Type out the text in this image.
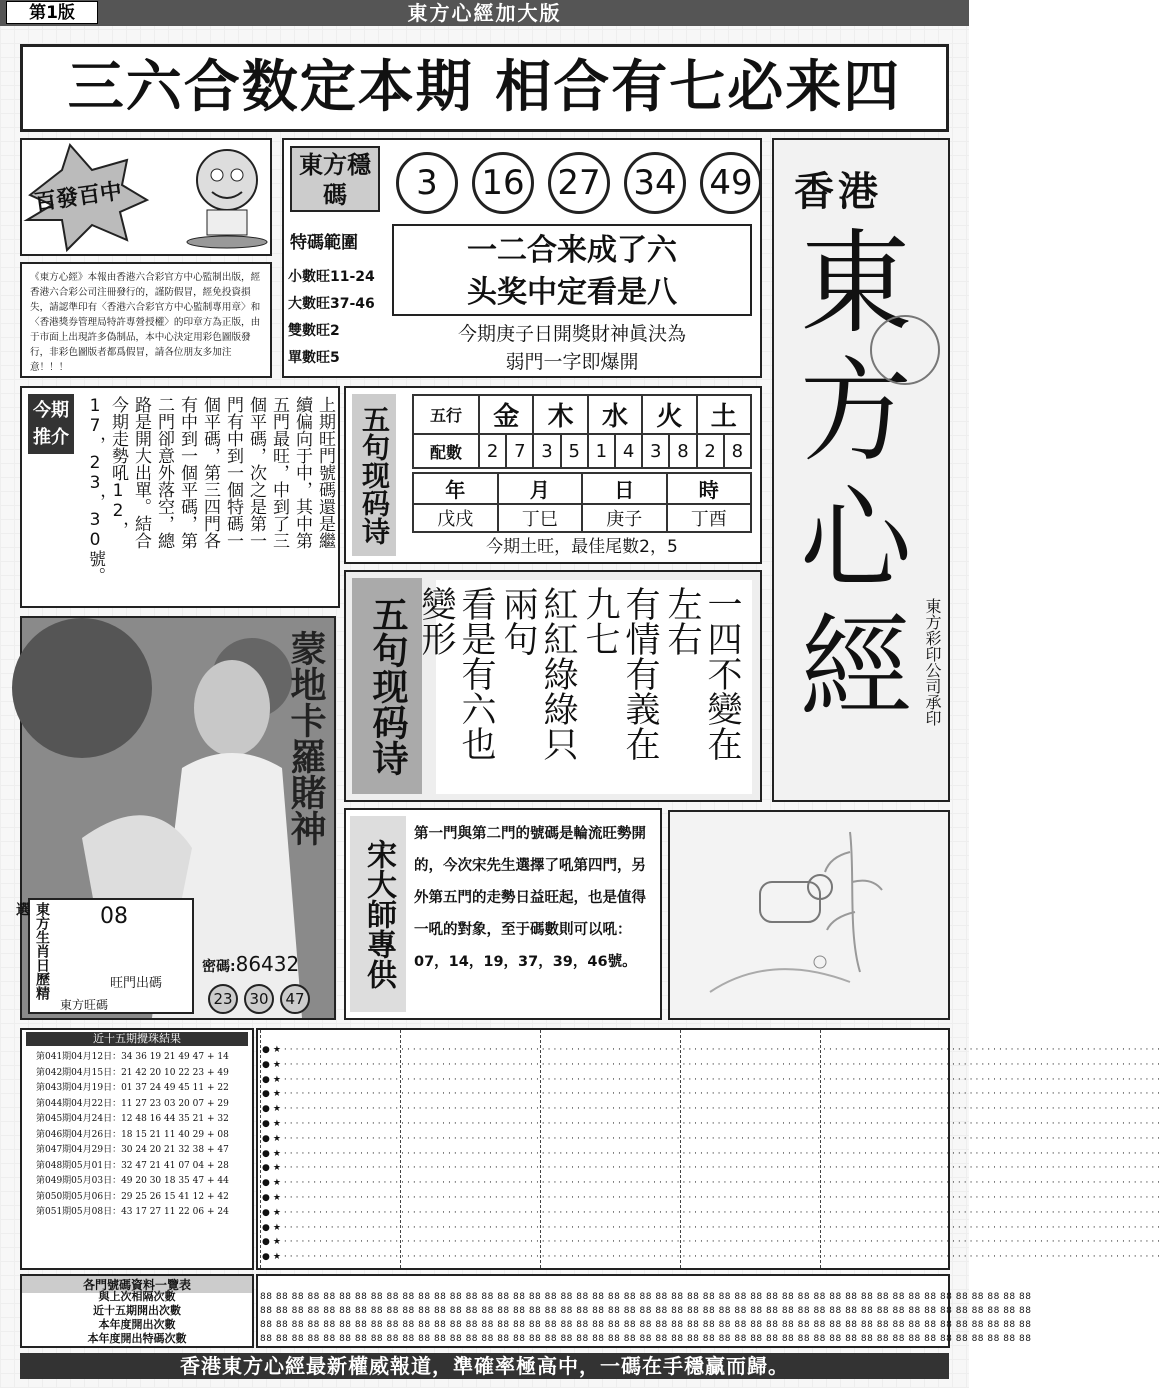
東方心經加大版
第1版
三六合数定本期 相合有七必来四
百發百中
《東方心經》本報由香港六合彩官方中心監制出版，經香港六合彩公司注冊發行的，謹防假冒，經免投資損失，請認準印有〈香港六合彩官方中心監制專用章〉和〈香港獎券管理局特許專營授權〉的印章方為正版，由于市面上出現許多偽制品，本中心決定用彩色圖版發行，非彩色圖版者都爲假冒，請各位朋友多加注意！！！
東方穩碼	3	16 27 34 49
特碼範圍
小數旺11-24
大數旺37-46
雙數旺2
單數旺5
一二合来成了六
头奖中定看是八
今期庚子日開獎財神眞決為
弱門一字即爆開
香港
東
方
心
經 東方彩印公司承印
今期推介	上期旺門號碼還是繼
續偏向于中，其中第
五門最旺，中到了三
個平碼，次之是第一
門有中到一個特碼一
個平碼，第三四門各
有中到一個平碼，第
二門卻意外落空，總
路是開大出單。結合
今期走勢吼12，
17，23，30號。	五句现码诗	五行	金		木		水		火		土	
配數	2	7	3	5	1	4	3	8	2	8
年	月	日	時
戊戌	丁巳	庚子	丁酉
今期土旺，最佳尾數2，5
五句现码诗	一四不變在左右
有情有義在九七
紅紅綠綠只兩句
看是有六也變形
蒙地卡羅賭神
東方生肖日歷精選	08
旺門出碼
東方旺碼
密碼:86432
23	30	47
宋大師專供
第一門與第二門的號碼是輪流旺勢開的，今次宋先生選擇了吼第四門，另外第五門的走勢日益旺起，也是值得一吼的對象，至于碼數則可以吼：07，14，19，37，39，46號。
近十五期攪珠結果
第041期04月12日：34 36 19 21 49 47 + 14
第042期04月15日：21 42 20 10 22 23 + 49
第043期04月19日：01 37 24 49 45 11 + 22
第044期04月22日：11 27 23 03 20 07 + 29
第045期04月24日：12 48 16 44 35 21 + 32
第046期04月26日：18 15 21 11 40 29 + 08
第047期04月29日：30 24 20 21 32 38 + 47
第048期05月01日：32 47 21 41 07 04 + 28
第049期05月03日：49 20 30 18 35 47 + 44
第050期05月06日：29 25 26 15 41 12 + 42
第051期05月08日：43 17 27 11 22 06 + 24
●★······················································································································································
●★······················································································································································
●★······················································································································································
●★······················································································································································
●★······················································································································································
●★······················································································································································
●★······················································································································································
●★······················································································································································
●★······················································································································································
●★······················································································································································
●★······················································································································································
●★······················································································································································
●★······················································································································································
●★······················································································································································
●★······················································································································································
各門號碼資料一覽表
與上次相隔次數
近十五期開出次數
本年度開出次數
本年度開出特碼次數
88 88 88 88 88 88 88 88 88 88 88 88 88 88 88 88 88 88 88 88 88 88 88 88 88 88 88 88 88 88 88 88 88 88 88 88 88 88 88 88 88 88 88 88 88 88 88 88 88
88 88 88 88 88 88 88 88 88 88 88 88 88 88 88 88 88 88 88 88 88 88 88 88 88 88 88 88 88 88 88 88 88 88 88 88 88 88 88 88 88 88 88 88 88 88 88 88 88
88 88 88 88 88 88 88 88 88 88 88 88 88 88 88 88 88 88 88 88 88 88 88 88 88 88 88 88 88 88 88 88 88 88 88 88 88 88 88 88 88 88 88 88 88 88 88 88 88
88 88 88 88 88 88 88 88 88 88 88 88 88 88 88 88 88 88 88 88 88 88 88 88 88 88 88 88 88 88 88 88 88 88 88 88 88 88 88 88 88 88 88 88 88 88 88 88 88
香港東方心經最新權威報道，準確率極高中，一碼在手穩贏而歸。
